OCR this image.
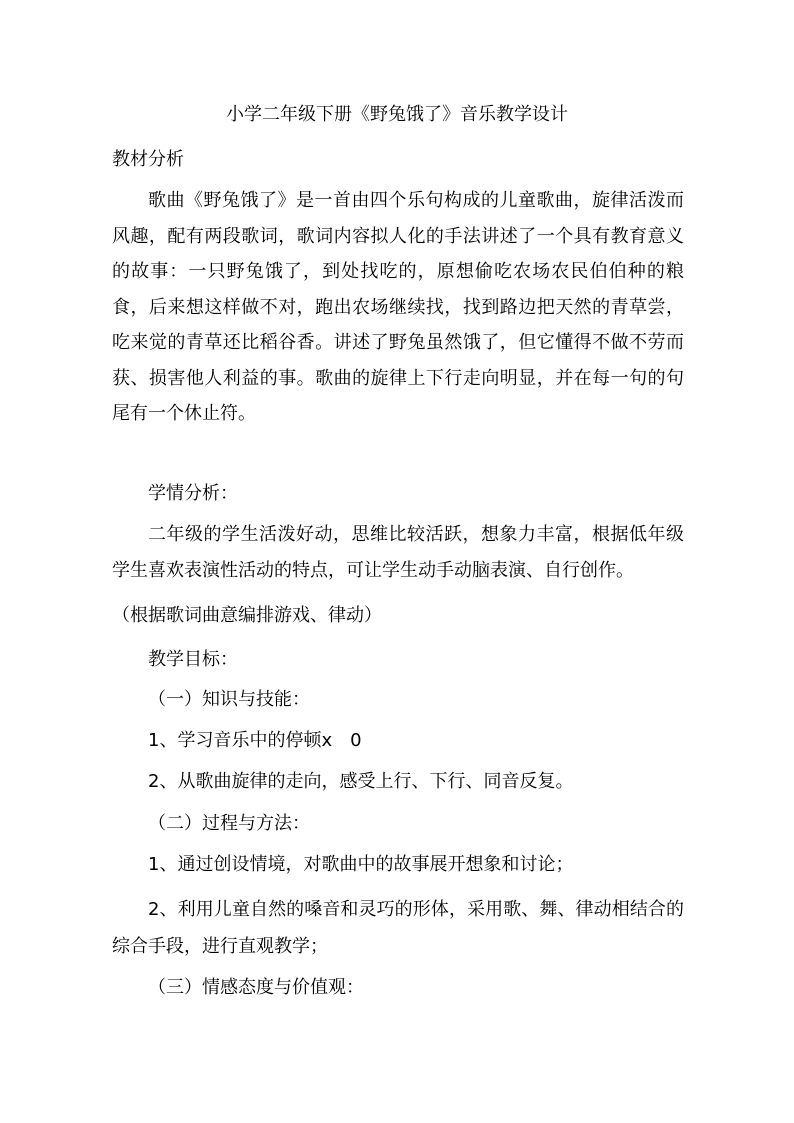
小学二年级下册《野兔饿了》音乐教学设计
教材分析
歌曲《野兔饿了》是一首由四个乐句构成的儿童歌曲，旋律活泼而风趣，配有两段歌词，歌词内容拟人化的手法讲述了一个具有教育意义的故事：一只野兔饿了，到处找吃的，原想偷吃农场农民伯伯种的粮食，后来想这样做不对，跑出农场继续找，找到路边把天然的青草尝，吃来觉的青草还比稻谷香。讲述了野兔虽然饿了，但它懂得不做不劳而获、损害他人利益的事。歌曲的旋律上下行走向明显，并在每一句的句尾有一个休止符。
学情分析：
二年级的学生活泼好动，思维比较活跃，想象力丰富，根据低年级学生喜欢表演性活动的特点，可让学生动手动脑表演、自行创作。
（根据歌词曲意编排游戏、律动）
教学目标：
（一）知识与技能：
1、学习音乐中的停顿x　0
2、从歌曲旋律的走向，感受上行、下行、同音反复。
（二）过程与方法：
1、通过创设情境，对歌曲中的故事展开想象和讨论；
2、利用儿童自然的嗓音和灵巧的形体，采用歌、舞、律动相结合的综合手段，进行直观教学；
（三）情感态度与价值观：
